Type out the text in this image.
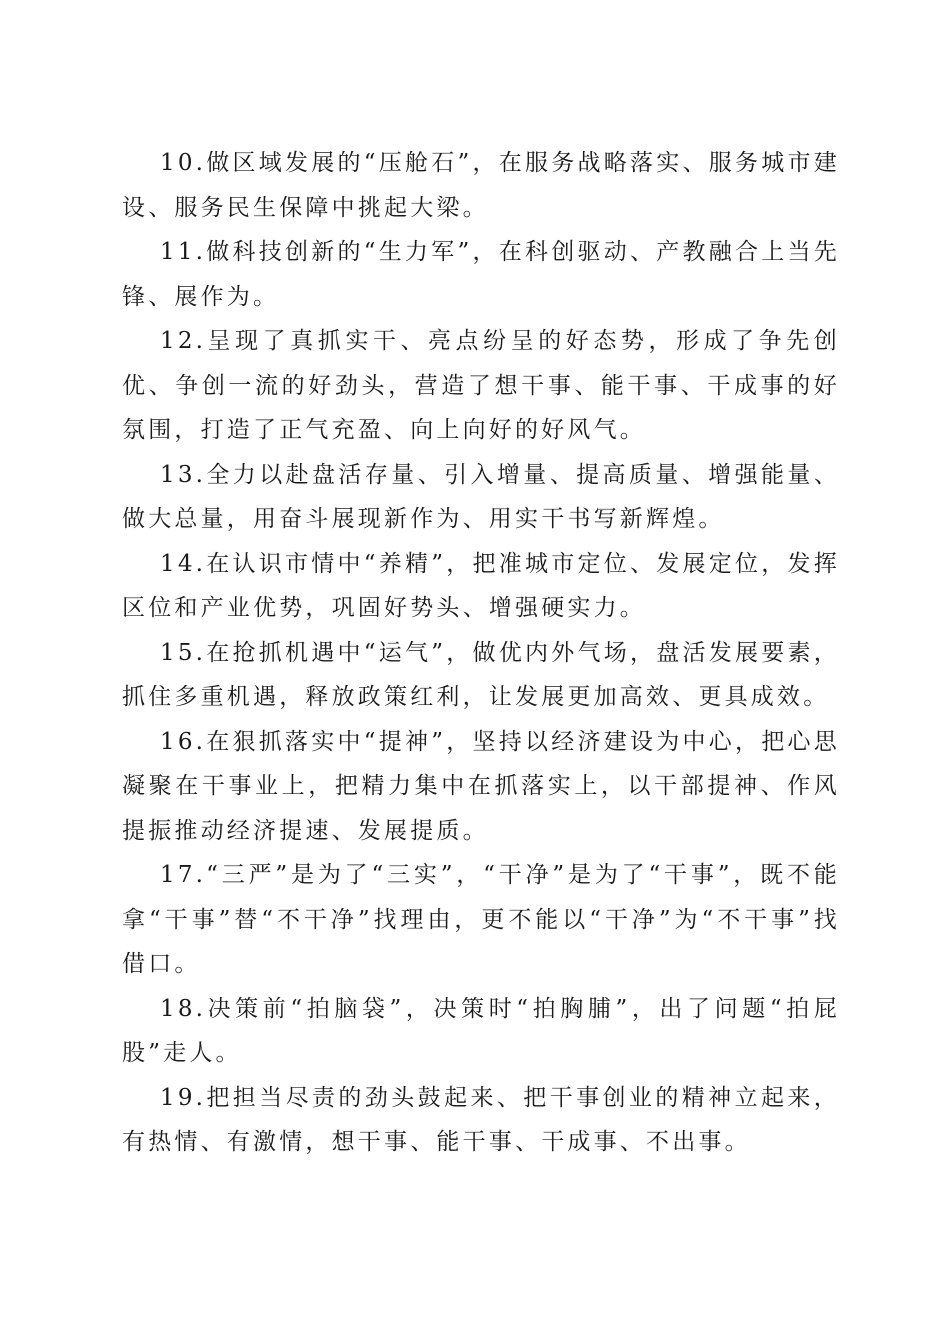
10.做区域发展的“压舱石”，在服务战略落实、服务城市建设、服务民生保障中挑起大梁。

11.做科技创新的“生力军”，在科创驱动、产教融合上当先锋、展作为。

12.呈现了真抓实干、亮点纷呈的好态势，形成了争先创优、争创一流的好劲头，营造了想干事、能干事、干成事的好氛围，打造了正气充盈、向上向好的好风气。

13.全力以赴盘活存量、引入增量、提高质量、增强能量、做大总量，用奋斗展现新作为、用实干书写新辉煌。

14.在认识市情中“养精”，把准城市定位、发展定位，发挥区位和产业优势，巩固好势头、增强硬实力。

15.在抢抓机遇中“运气”，做优内外气场，盘活发展要素，抓住多重机遇，释放政策红利，让发展更加高效、更具成效。

16.在狠抓落实中“提神”，坚持以经济建设为中心，把心思凝聚在干事业上，把精力集中在抓落实上，以干部提神、作风提振推动经济提速、发展提质。

17.“三严”是为了“三实”，“干净”是为了“干事”，既不能拿“干事”替“不干净”找理由，更不能以“干净”为“不干事”找借口。

18.决策前“拍脑袋”，决策时“拍胸脯”，出了问题“拍屁股”走人。

19.把担当尽责的劲头鼓起来、把干事创业的精神立起来，有热情、有激情，想干事、能干事、干成事、不出事。
